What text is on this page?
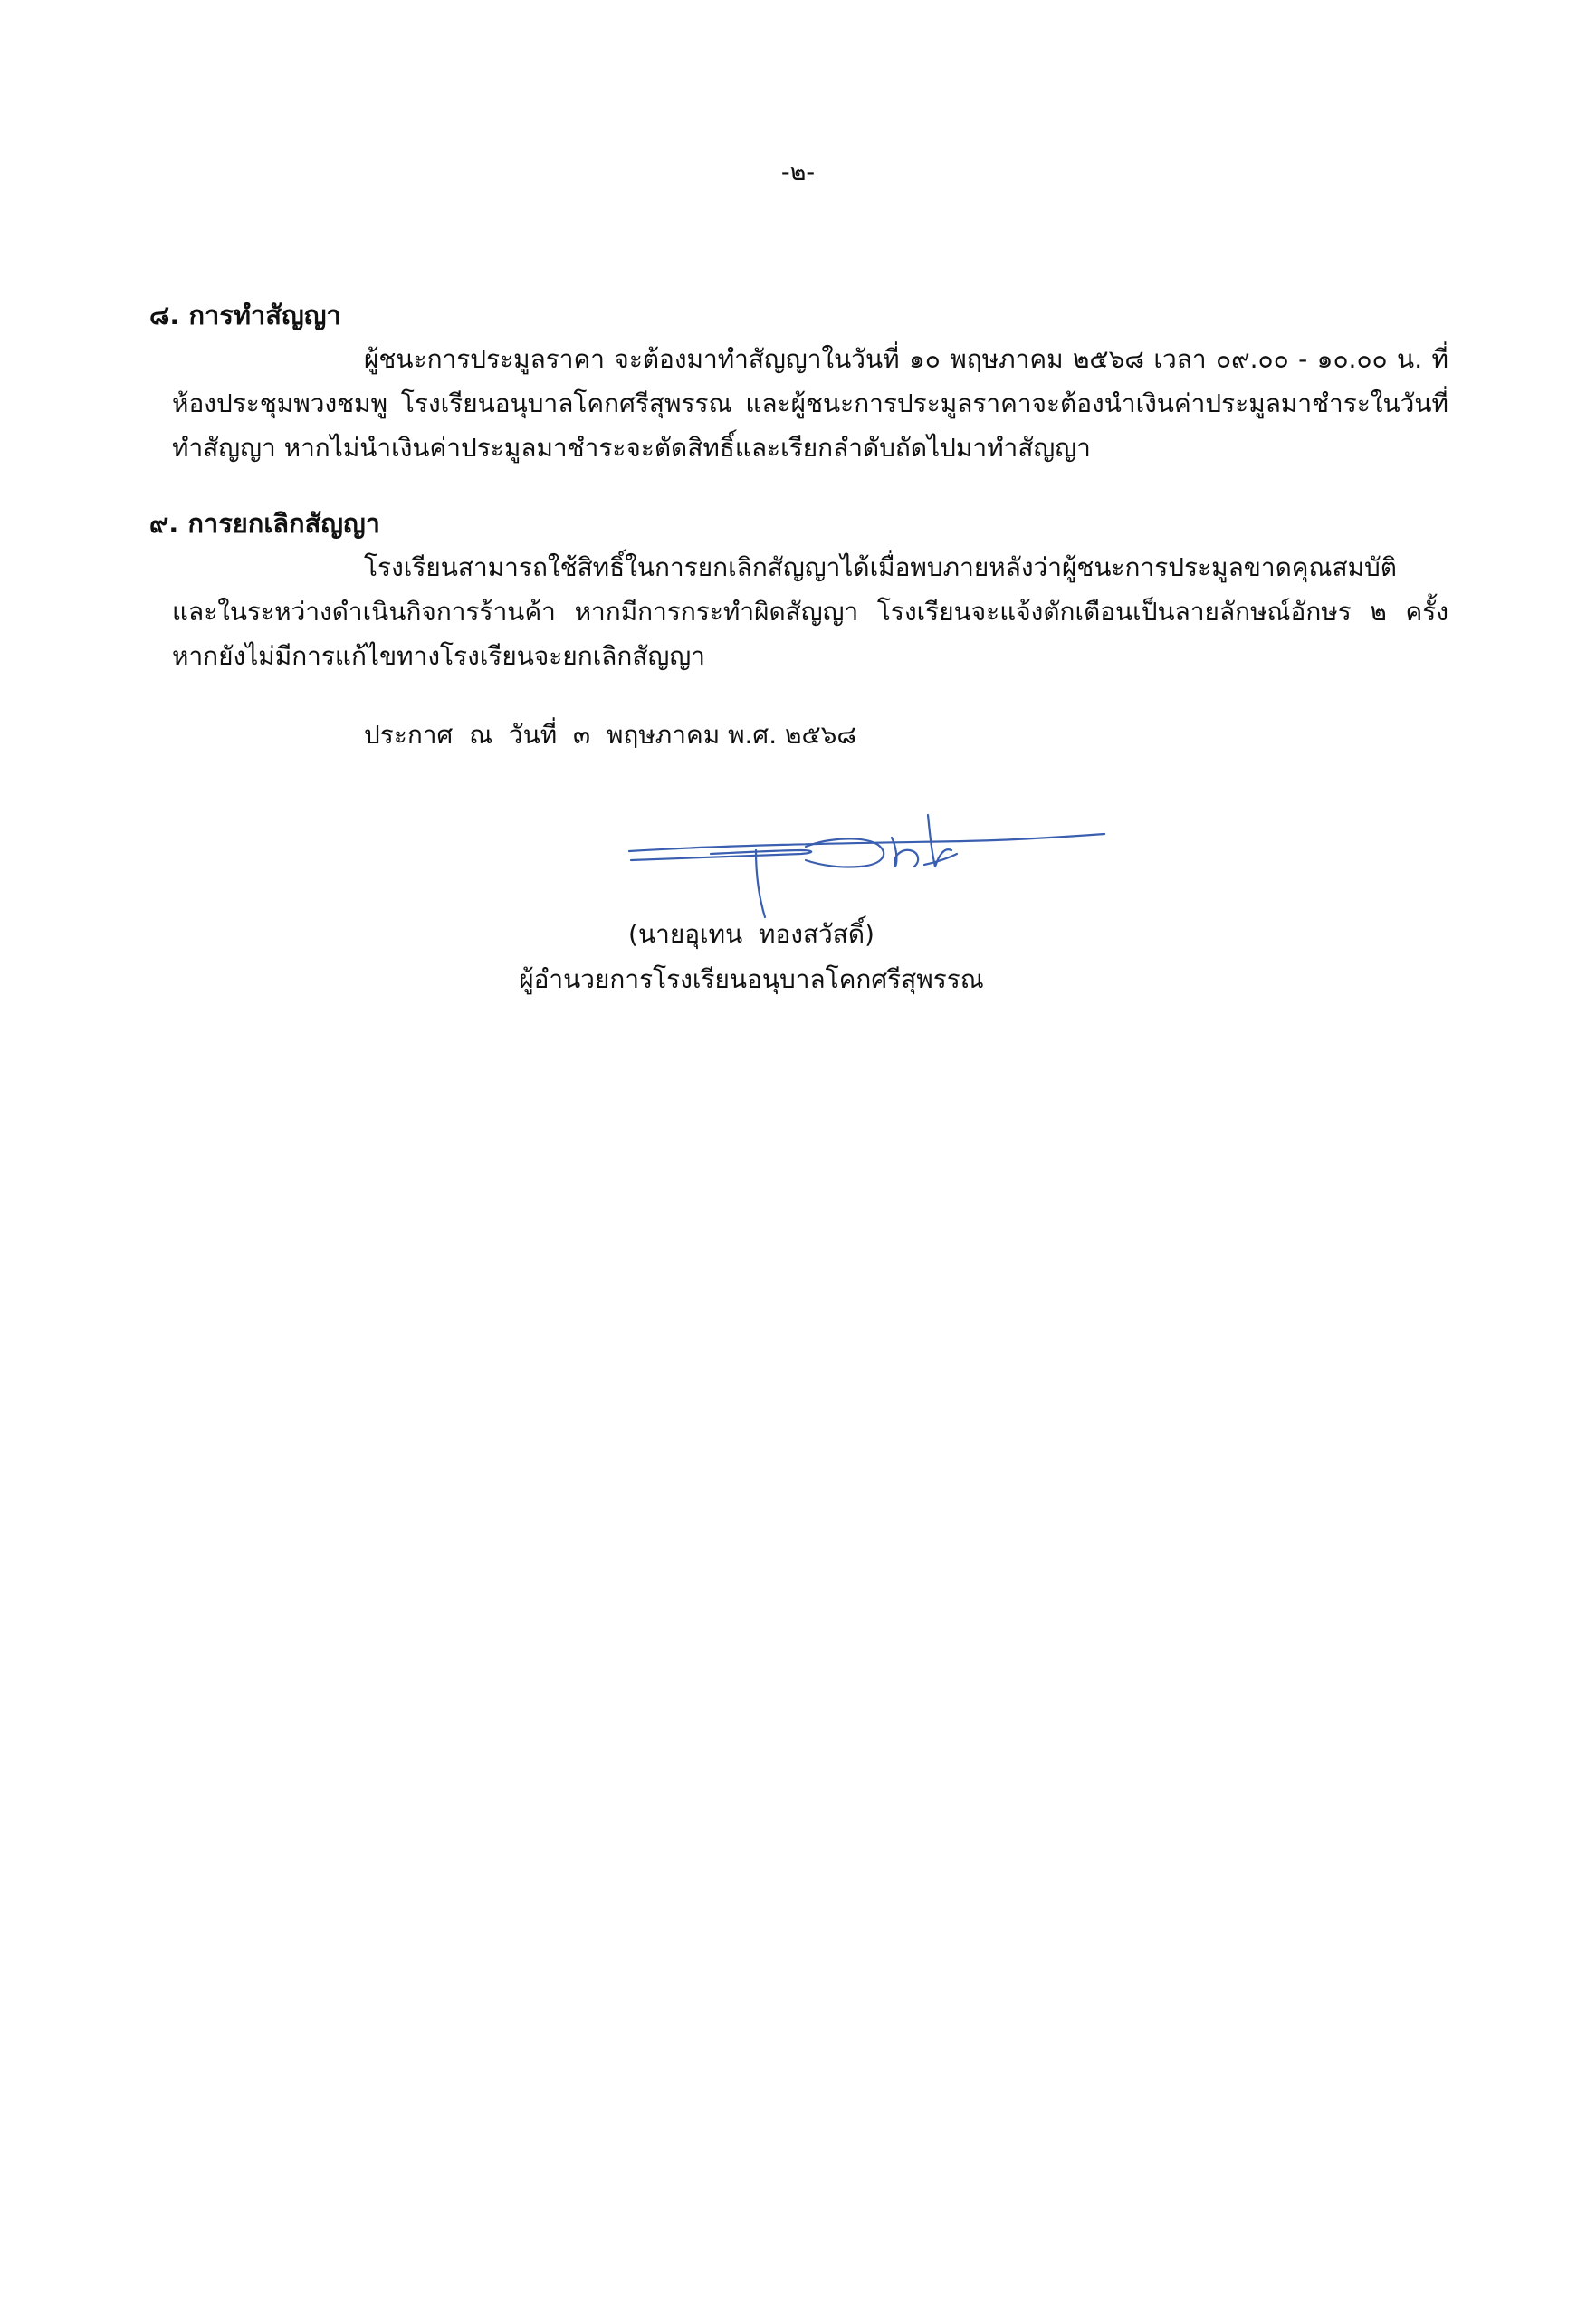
-๒-
๘. การทำสัญญา

ผู้ชนะการประมูลราคา จะต้องมาทำสัญญาในวันที่ ๑๐ พฤษภาคม ๒๕๖๘ เวลา ๐๙.๐๐ - ๑๐.๐๐ น. ที่ห้องประชุมพวงชมพู โรงเรียนอนุบาลโคกศรีสุพรรณ และผู้ชนะการประมูลราคาจะต้องนำเงินค่าประมูลมาชำระในวันที่ทำสัญญา หากไม่นำเงินค่าประมูลมาชำระจะตัดสิทธิ์และเรียกลำดับถัดไปมาทำสัญญา

๙. การยกเลิกสัญญา

โรงเรียนสามารถใช้สิทธิ์ในการยกเลิกสัญญาได้เมื่อพบภายหลังว่าผู้ชนะการประมูลขาดคุณสมบัติ และในระหว่างดำเนินกิจการร้านค้า หากมีการกระทำผิดสัญญา โรงเรียนจะแจ้งตักเตือนเป็นลายลักษณ์อักษร ๒ ครั้ง หากยังไม่มีการแก้ไขทางโรงเรียนจะยกเลิกสัญญา

ประกาศ  ณ  วันที่  ๓  พฤษภาคม พ.ศ. ๒๕๖๘
(นายอุเทน  ทองสวัสดิ์)
ผู้อำนวยการโรงเรียนอนุบาลโคกศรีสุพรรณ
